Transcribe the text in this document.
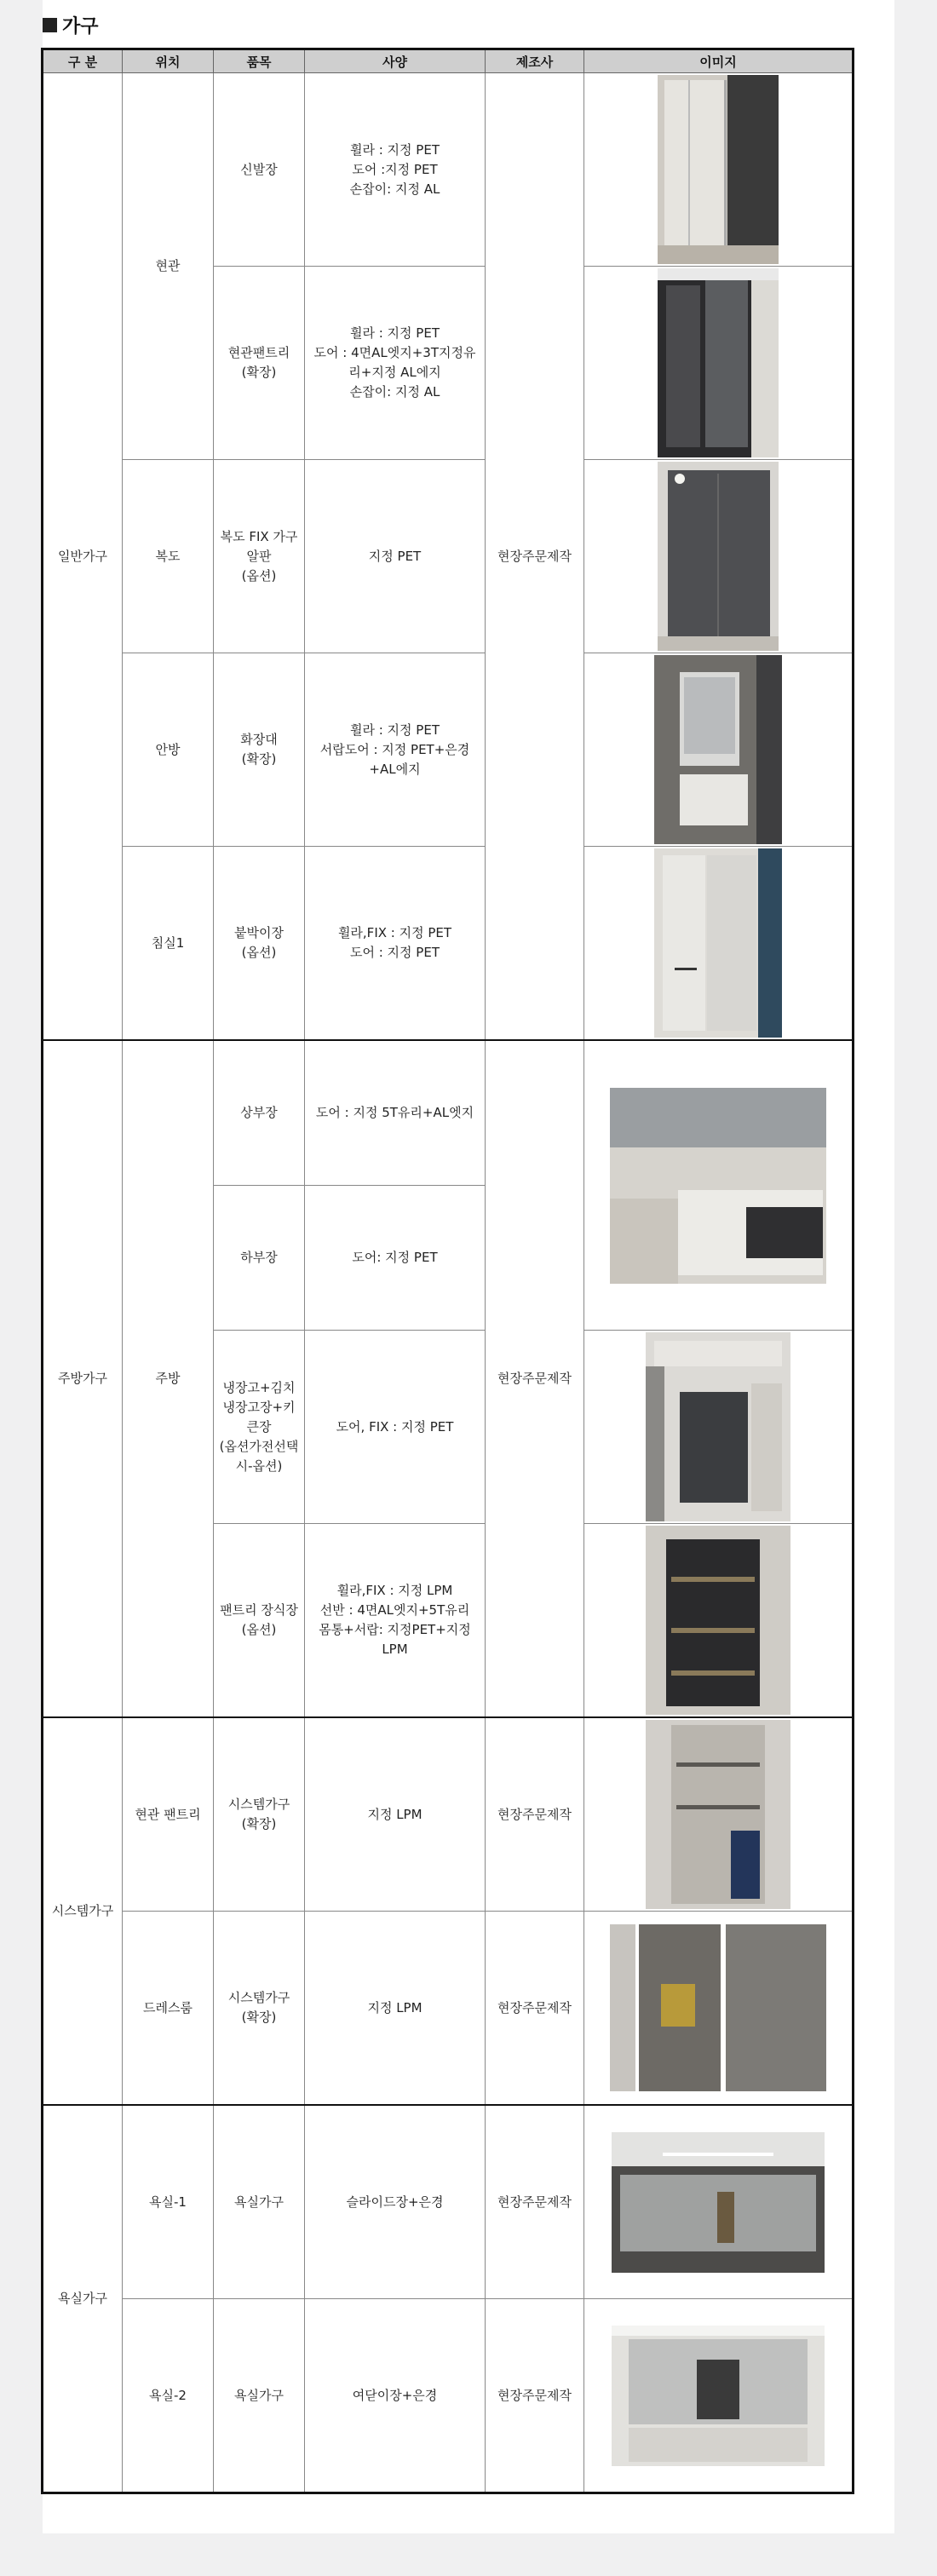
가구
구 분	위치	품목	사양	제조사	이미지
일반가구	현관	신발장	휠라 : 지정 PET
도어 :지정 PET
손잡이: 지정 AL	현장주문제작	

		현관팬트리
(확장)	휠라 : 지정 PET
도어 : 4면AL엣지+3T지정유
리+지정 AL에지
손잡이: 지정 AL		

	복도	복도 FIX 가구
알판
(옵션)	지정 PET		

	안방	화장대
(확장)	휠라 : 지정 PET
서랍도어 : 지정 PET+은경
+AL에지		

	침실1	붙박이장
(옵션)	휠라,FIX : 지정 PET
도어 : 지정 PET		

주방가구	주방	상부장	도어 : 지정 5T유리+AL엣지	현장주문제작	

		하부장	도어: 지정 PET		
		냉장고+김치
냉장고장+키
큰장
(옵션가전선택
시-옵션)	도어, FIX : 지정 PET		

		팬트리 장식장
(옵션)	휠라,FIX : 지정 LPM
선반 : 4면AL엣지+5T유리
몸통+서랍: 지정PET+지정
LPM		

시스템가구	현관 팬트리	시스템가구
(확장)	지정 LPM	현장주문제작	

	드레스룸	시스템가구
(확장)	지정 LPM	현장주문제작	

욕실가구	욕실-1	욕실가구	슬라이드장+은경	현장주문제작	

	욕실-2	욕실가구	여닫이장+은경	현장주문제작	
